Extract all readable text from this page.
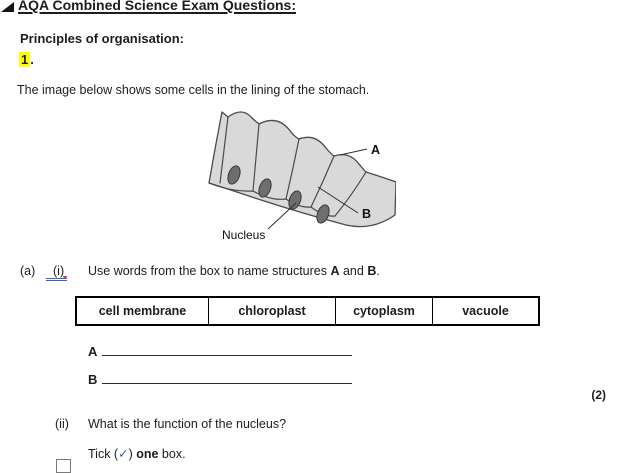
AQA Combined Science Exam Questions:
Principles of organisation:
1 .
The image below shows some cells in the lining of the stomach.
A
B
Nucleus
(a)	(i) Use words from the box to name structures A and B.
cell membrane	chloroplast	cytoplasm	vacuole
A
B
(2)
(ii) What is the function of the nucleus?
Tick (✓) one box.
